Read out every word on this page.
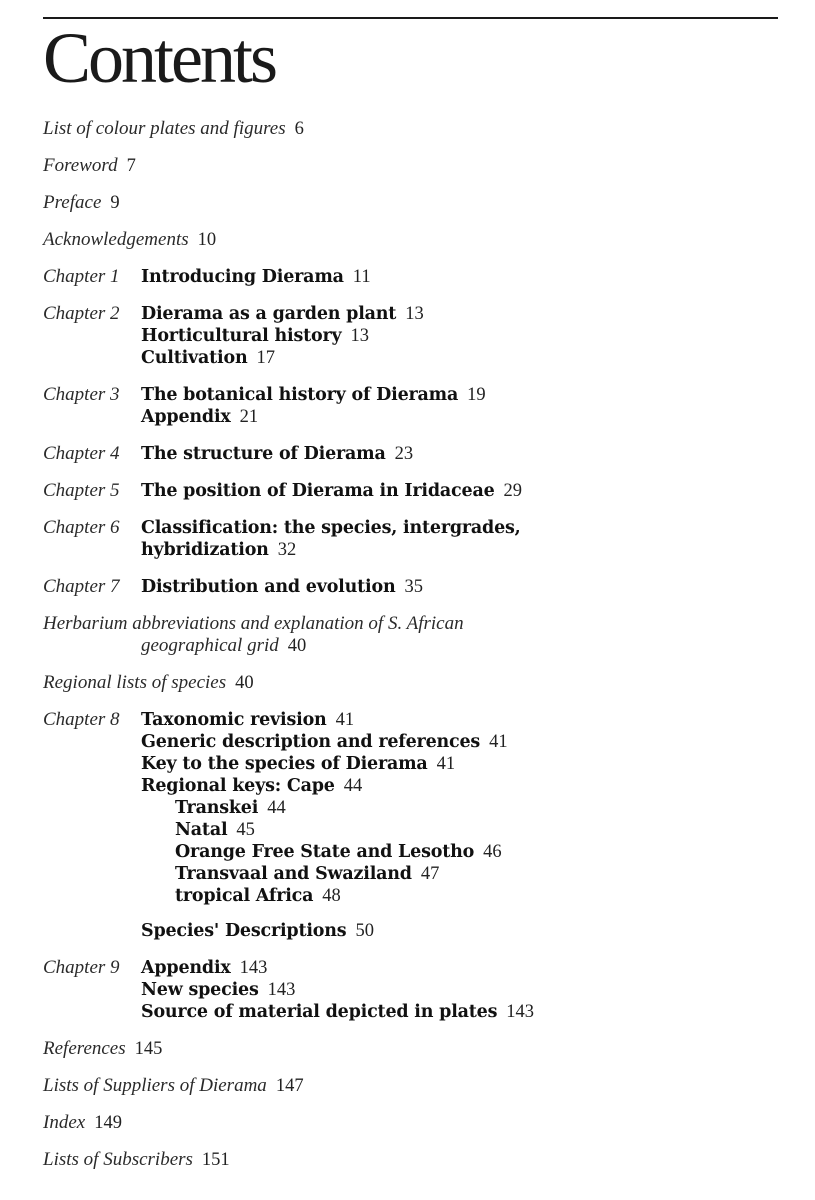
Contents
List of colour plates and figures 6
Foreword 7
Preface 9
Acknowledgements 10
Chapter 1	Introducing Dierama 11
Chapter 2	Dierama as a garden plant 13
Horticultural history 13
Cultivation 17
Chapter 3	The botanical history of Dierama 19
Appendix 21
Chapter 4	The structure of Dierama 23
Chapter 5	The position of Dierama in Iridaceae 29
Chapter 6	Classification: the species, intergrades,
hybridization 32
Chapter 7	Distribution and evolution 35
Herbarium abbreviations and explanation of S. African
geographical grid 40
Regional lists of species 40
Chapter 8	Taxonomic revision 41
Generic description and references 41
Key to the species of Dierama 41
Regional keys: Cape 44
Transkei 44
Natal 45
Orange Free State and Lesotho 46
Transvaal and Swaziland 47
tropical Africa 48
Species' Descriptions 50
Chapter 9	Appendix 143
New species 143
Source of material depicted in plates 143
References 145
Lists of Suppliers of Dierama 147
Index 149
Lists of Subscribers 151
